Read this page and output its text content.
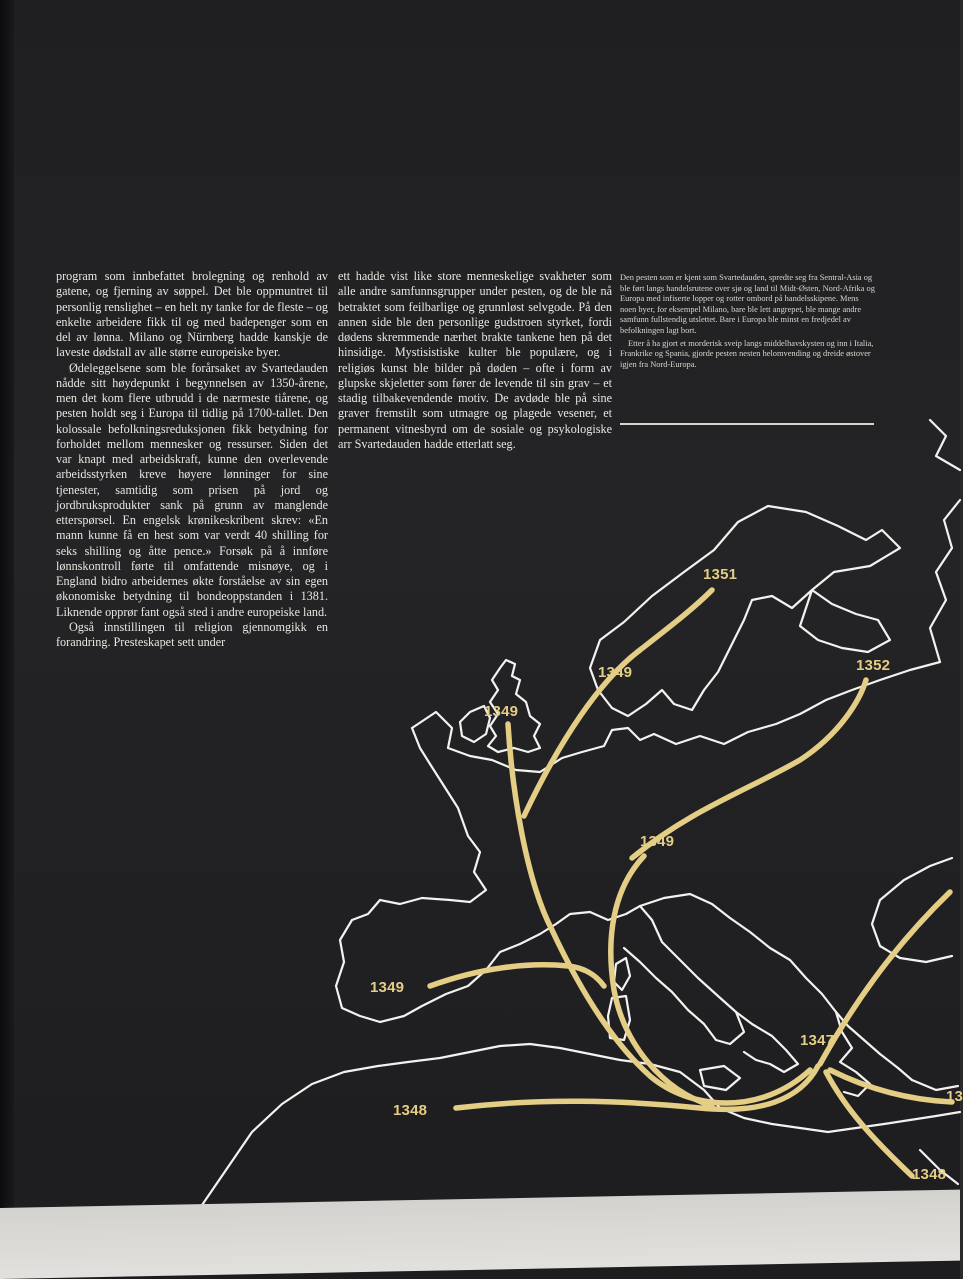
program som innbefattet brolegning og renhold av gatene, og fjerning av søppel. Det ble oppmuntret til personlig renslighet – en helt ny tanke for de fleste – og enkelte arbeidere fikk til og med badepenger som en del av lønna. Milano og Nürnberg hadde kanskje de laveste dødstall av alle større europeiske byer.

Ødeleggelsene som ble forårsaket av Svartedauden nådde sitt høydepunkt i begynnelsen av 1350-årene, men det kom flere utbrudd i de nærmeste tiårene, og pesten holdt seg i Europa til tidlig på 1700-tallet. Den kolossale befolkningsreduksjonen fikk betydning for forholdet mellom mennesker og ressurser. Siden det var knapt med arbeidskraft, kunne den overlevende arbeidsstyrken kreve høyere lønninger for sine tjenester, samtidig som prisen på jord og jordbruksprodukter sank på grunn av manglende etterspørsel. En engelsk krønikeskribent skrev: «En mann kunne få en hest som var verdt 40 shilling for seks shilling og åtte pence.» Forsøk på å innføre lønnskontroll førte til omfattende misnøye, og i England bidro arbeidernes økte forståelse av sin egen økonomiske betydning til bondeoppstanden i 1381. Liknende opprør fant også sted i andre europeiske land.

Også innstillingen til religion gjennomgikk en forandring. Presteskapet sett under

ett hadde vist like store menneskelige svakheter som alle andre samfunnsgrupper under pesten, og de ble nå betraktet som feilbarlige og grunnløst selvgode. På den annen side ble den personlige gudstroen styrket, fordi dødens skremmende nærhet brakte tankene hen på det hinsidige. Mystisistiske kulter ble populære, og i religiøs kunst ble bilder på døden – ofte i form av glupske skjeletter som fører de levende til sin grav – et stadig tilbakevendende motiv. De avdøde ble på sine graver fremstilt som utmagre og plagede vesener, et permanent vitnesbyrd om de sosiale og psykologiske arr Svartedauden hadde etterlatt seg.

Den pesten som er kjent som Svartedauden, spredte seg fra Sentral-Asia og ble ført langs handelsrutene over sjø og land til Midt-Østen, Nord-Afrika og Europa med infiserte lopper og rotter ombord på handelsskipene. Mens noen byer, for eksempel Milano, bare ble lett angrepet, ble mange andre samfunn fullstendig utslettet. Bare i Europa ble minst en fredjedel av befolkningen lagt bort.

Etter å ha gjort et morderisk sveip langs middelhavskysten og inn i Italia, Frankrike og Spania, gjorde pesten nesten helomvending og dreide østover igjen fra Nord-Europa.

1351
1352
1349
1349
1349
1349
1348
1347
1348
13
